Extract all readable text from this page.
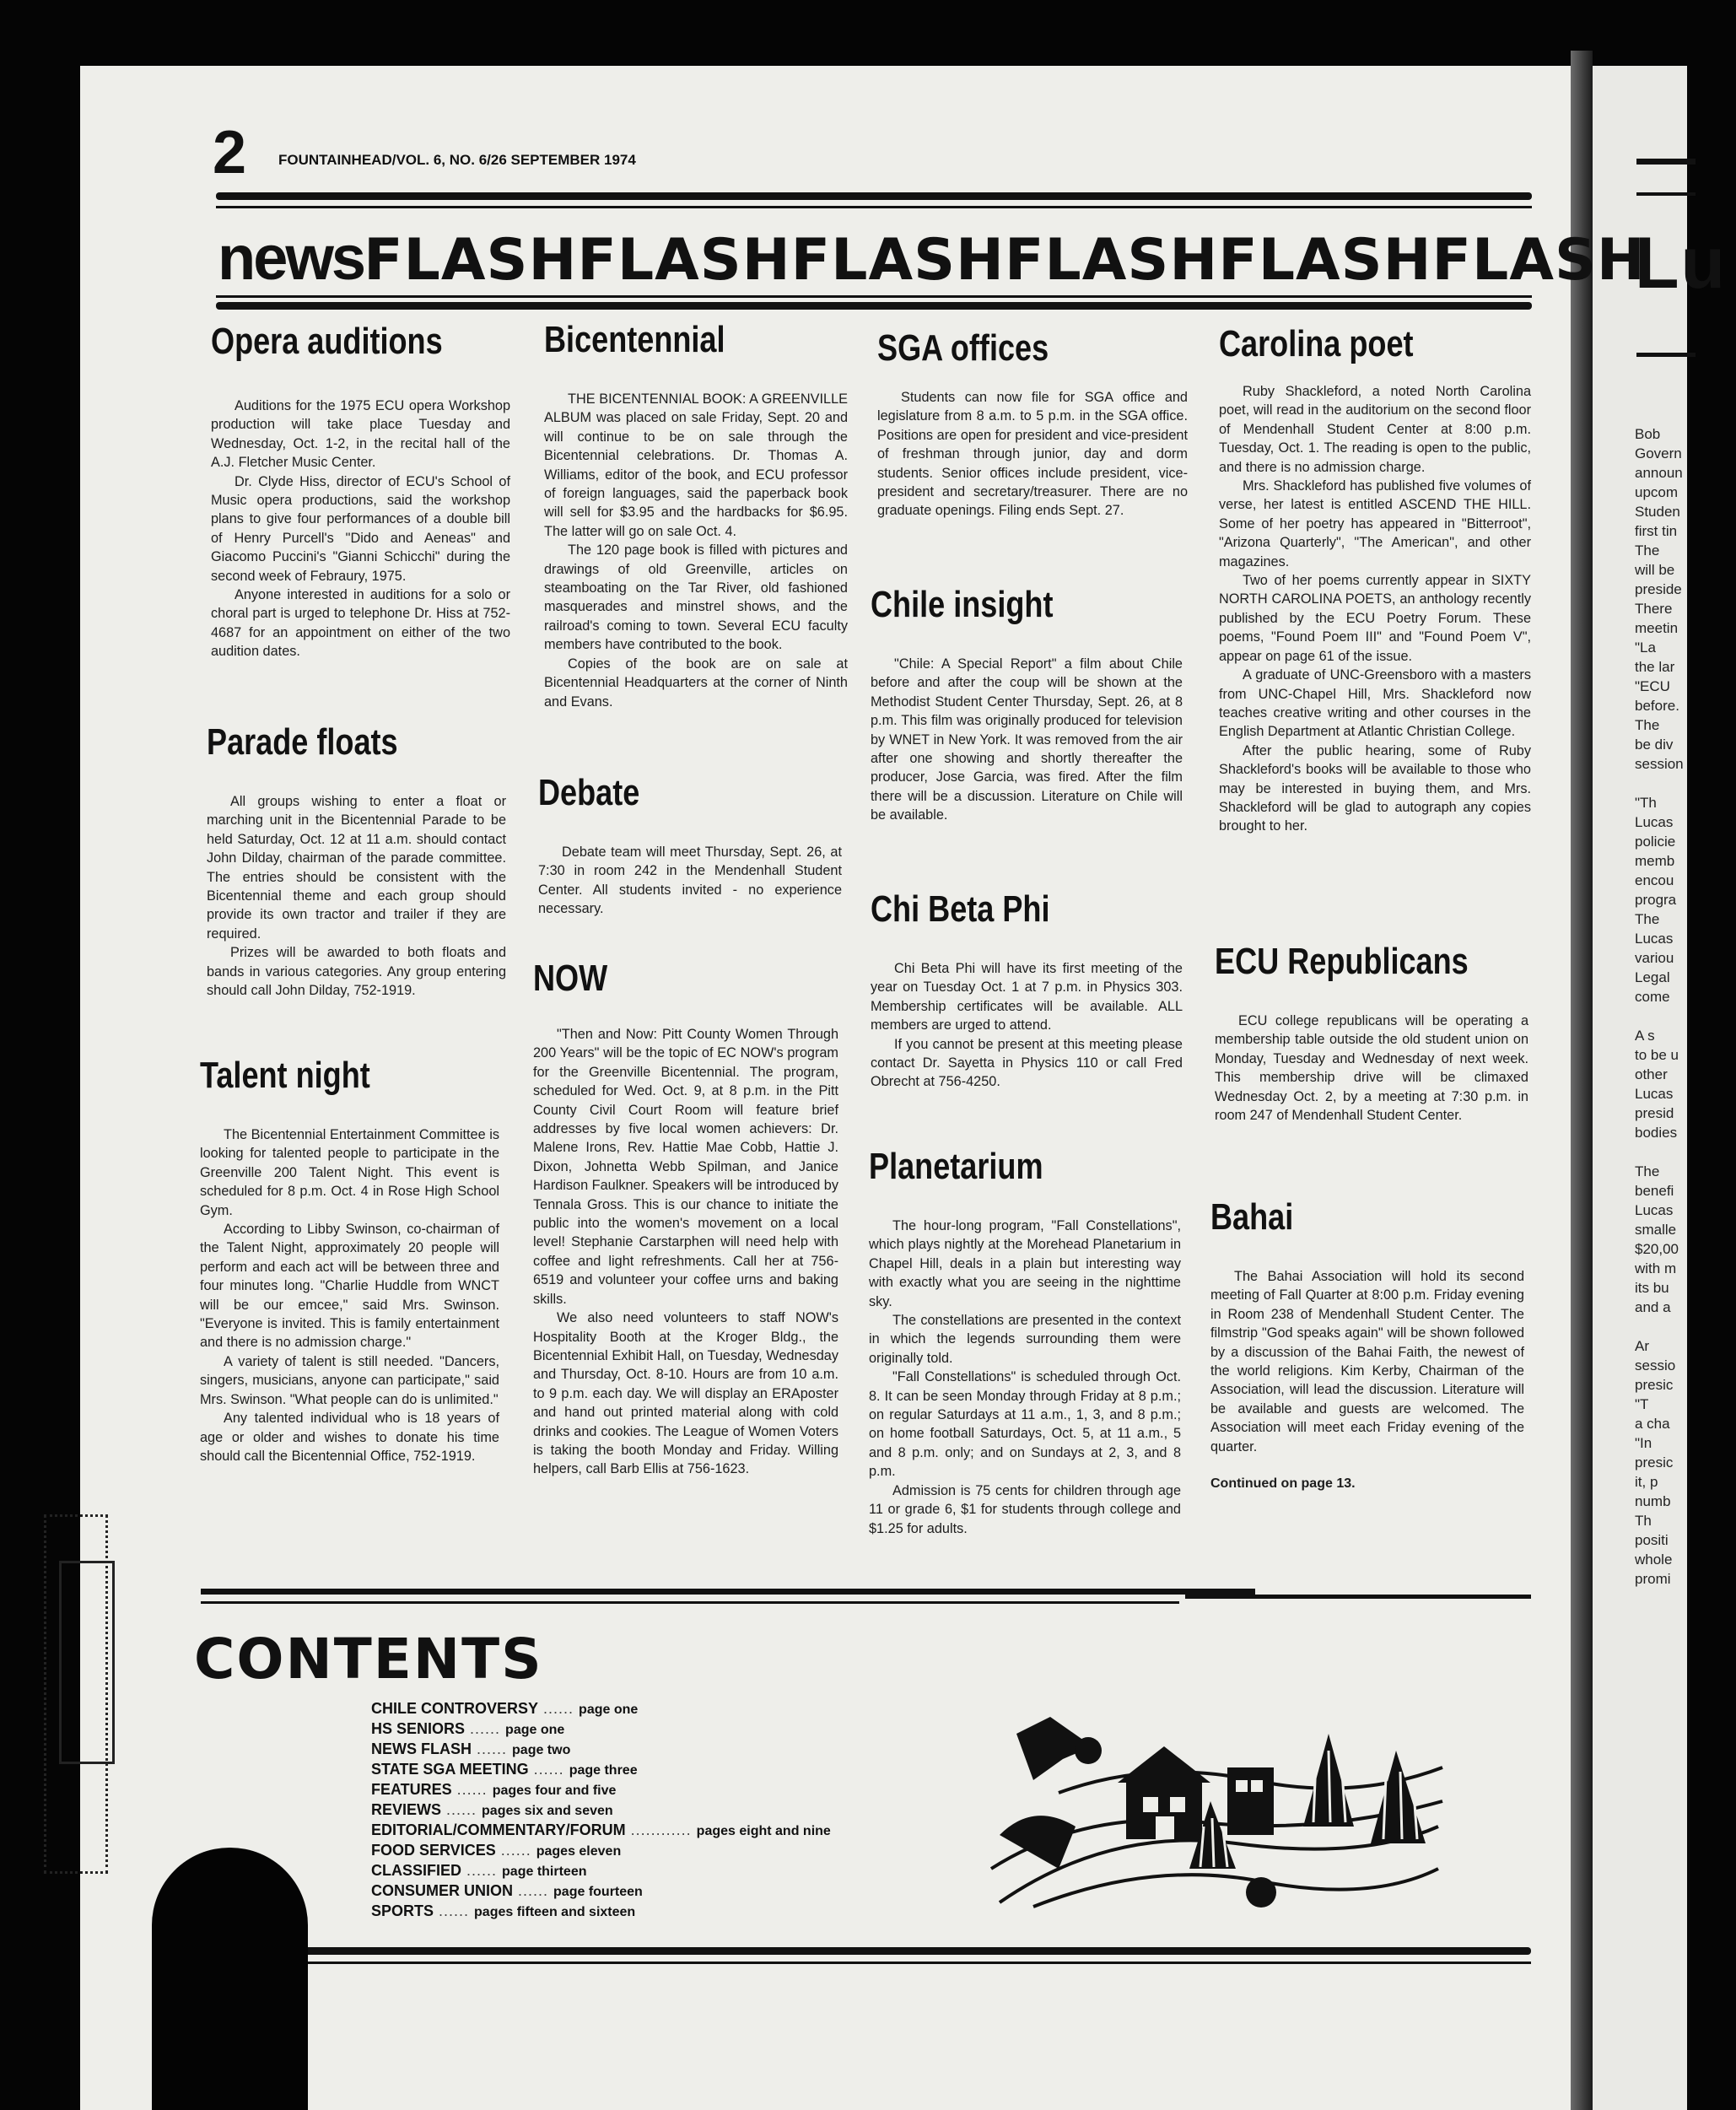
Lu
Bob
Govern
announ
upcom
Studen
first tin
The
will be
preside
There
meetin
"La
the lar
"ECU
before.
The
be div
session

"Th
Lucas
policie
memb
encou
progra
The
Lucas
variou
Legal
come

A s
to be u
other
Lucas
presid
bodies

The
benefi
Lucas
smalle
$20,00
with m
its bu
and a

Ar
sessio
presic
"T
a cha
"In
presic
it, p
numb
Th
positi
whole
promi
2 FOUNTAINHEAD/VOL. 6, NO. 6/26 SEPTEMBER 1974
newsFLASHFLASHFLASHFLASHFLASHFLASH
Opera auditions

Auditions for the 1975 ECU opera Workshop production will take place Tuesday and Wednesday, Oct. 1-2, in the recital hall of the A.J. Fletcher Music Center.

Dr. Clyde Hiss, director of ECU's School of Music opera productions, said the workshop plans to give four performances of a double bill of Henry Purcell's "Dido and Aeneas" and Giacomo Puccini's "Gianni Schicchi" during the second week of Febraury, 1975.

Anyone interested in auditions for a solo or choral part is urged to telephone Dr. Hiss at 752-4687 for an appointment on either of the two audition dates.

Parade floats

All groups wishing to enter a float or marching unit in the Bicentennial Parade to be held Saturday, Oct. 12 at 11 a.m. should contact John Dilday, chairman of the parade committee. The entries should be consistent with the Bicentennial theme and each group should provide its own tractor and trailer if they are required.

Prizes will be awarded to both floats and bands in various categories. Any group entering should call John Dilday, 752-1919.

Talent night

The Bicentennial Entertainment Committee is looking for talented people to participate in the Greenville 200 Talent Night. This event is scheduled for 8 p.m. Oct. 4 in Rose High School Gym.

According to Libby Swinson, co-chairman of the Talent Night, approximately 20 people will perform and each act will be between three and four minutes long. "Charlie Huddle from WNCT will be our emcee," said Mrs. Swinson. "Everyone is invited. This is family entertainment and there is no admission charge."

A variety of talent is still needed. "Dancers, singers, musicians, anyone can participate," said Mrs. Swinson. "What people can do is unlimited."

Any talented individual who is 18 years of age or older and wishes to donate his time should call the Bicentennial Office, 752-1919.

Bicentennial

THE BICENTENNIAL BOOK: A GREENVILLE ALBUM was placed on sale Friday, Sept. 20 and will continue to be on sale through the Bicentennial celebrations. Dr. Thomas A. Williams, editor of the book, and ECU professor of foreign languages, said the paperback book will sell for $3.95 and the hardbacks for $6.95. The latter will go on sale Oct. 4.

The 120 page book is filled with pictures and drawings of old Greenville, articles on steamboating on the Tar River, old fashioned masquerades and minstrel shows, and the railroad's coming to town. Several ECU faculty members have contributed to the book.

Copies of the book are on sale at Bicentennial Headquarters at the corner of Ninth and Evans.

Debate

Debate team will meet Thursday, Sept. 26, at 7:30 in room 242 in the Mendenhall Student Center. All students invited - no experience necessary.

NOW

"Then and Now: Pitt County Women Through 200 Years" will be the topic of EC NOW's program for the Greenville Bicentennial. The program, scheduled for Wed. Oct. 9, at 8 p.m. in the Pitt County Civil Court Room will feature brief addresses by five local women achievers: Dr. Malene Irons, Rev. Hattie Mae Cobb, Hattie J. Dixon, Johnetta Webb Spilman, and Janice Hardison Faulkner. Speakers will be introduced by Tennala Gross. This is our chance to initiate the public into the women's movement on a local level! Stephanie Carstarphen will need help with coffee and light refreshments. Call her at 756-6519 and volunteer your coffee urns and baking skills.

We also need volunteers to staff NOW's Hospitality Booth at the Kroger Bldg., the Bicentennial Exhibit Hall, on Tuesday, Wednesday and Thursday, Oct. 8-10. Hours are from 10 a.m. to 9 p.m. each day. We will display an ERAposter and hand out printed material along with cold drinks and cookies. The League of Women Voters is taking the booth Monday and Friday. Willing helpers, call Barb Ellis at 756-1623.

SGA offices

Students can now file for SGA office and legislature from 8 a.m. to 5 p.m. in the SGA office. Positions are open for president and vice-president of freshman through junior, day and dorm students. Senior offices include president, vice-president and secretary/treasurer. There are no graduate openings. Filing ends Sept. 27.

Chile insight

"Chile: A Special Report" a film about Chile before and after the coup will be shown at the Methodist Student Center Thursday, Sept. 26, at 8 p.m. This film was originally produced for television by WNET in New York. It was removed from the air after one showing and shortly thereafter the producer, Jose Garcia, was fired. After the film there will be a discussion. Literature on Chile will be available.

Chi Beta Phi

Chi Beta Phi will have its first meeting of the year on Tuesday Oct. 1 at 7 p.m. in Physics 303. Membership certificates will be available. ALL members are urged to attend.

If you cannot be present at this meeting please contact Dr. Sayetta in Physics 110 or call Fred Obrecht at 756-4250.

Planetarium

The hour-long program, "Fall Constellations", which plays nightly at the Morehead Planetarium in Chapel Hill, deals in a plain but interesting way with exactly what you are seeing in the nighttime sky.

The constellations are presented in the context in which the legends surrounding them were originally told.

"Fall Constellations" is scheduled through Oct. 8. It can be seen Monday through Friday at 8 p.m.; on regular Saturdays at 11 a.m., 1, 3, and 8 p.m.; on home football Saturdays, Oct. 5, at 11 a.m., 5 and 8 p.m. only; and on Sundays at 2, 3, and 8 p.m.

Admission is 75 cents for children through age 11 or grade 6, $1 for students through college and $1.25 for adults.

Carolina poet

Ruby Shackleford, a noted North Carolina poet, will read in the auditorium on the second floor of Mendenhall Student Center at 8:00 p.m. Tuesday, Oct. 1. The reading is open to the public, and there is no admission charge.

Mrs. Shackleford has published five volumes of verse, her latest is entitled ASCEND THE HILL. Some of her poetry has appeared in "Bitterroot", "Arizona Quarterly", "The American", and other magazines.

Two of her poems currently appear in SIXTY NORTH CAROLINA POETS, an anthology recently published by the ECU Poetry Forum. These poems, "Found Poem III" and "Found Poem V", appear on page 61 of the issue.

A graduate of UNC-Greensboro with a masters from UNC-Chapel Hill, Mrs. Shackleford now teaches creative writing and other courses in the English Department at Atlantic Christian College.

After the public hearing, some of Ruby Shackleford's books will be available to those who may be interested in buying them, and Mrs. Shackleford will be glad to autograph any copies brought to her.

ECU Republicans

ECU college republicans will be operating a membership table outside the old student union on Monday, Tuesday and Wednesday of next week. This membership drive will be climaxed Wednesday Oct. 2, by a meeting at 7:30 p.m. in room 247 of Mendenhall Student Center.

Bahai

The Bahai Association will hold its second meeting of Fall Quarter at 8:00 p.m. Friday evening in Room 238 of Mendenhall Student Center. The filmstrip "God speaks again" will be shown followed by a discussion of the Bahai Faith, the newest of the world religions. Kim Kerby, Chairman of the Association, will lead the discussion. Literature will be available and guests are welcomed. The Association will meet each Friday evening of the quarter.

Continued on page 13.

CONTENTS
CHILE CONTROVERSY ...... page one
HS SENIORS ...... page one
NEWS FLASH ...... page two
STATE SGA MEETING ...... page three
FEATURES ...... pages four and five
REVIEWS ...... pages six and seven
EDITORIAL/COMMENTARY/FORUM ............ pages eight and nine
FOOD SERVICES ...... pages eleven
CLASSIFIED ...... page thirteen
CONSUMER UNION ...... page fourteen
SPORTS ...... pages fifteen and sixteen
